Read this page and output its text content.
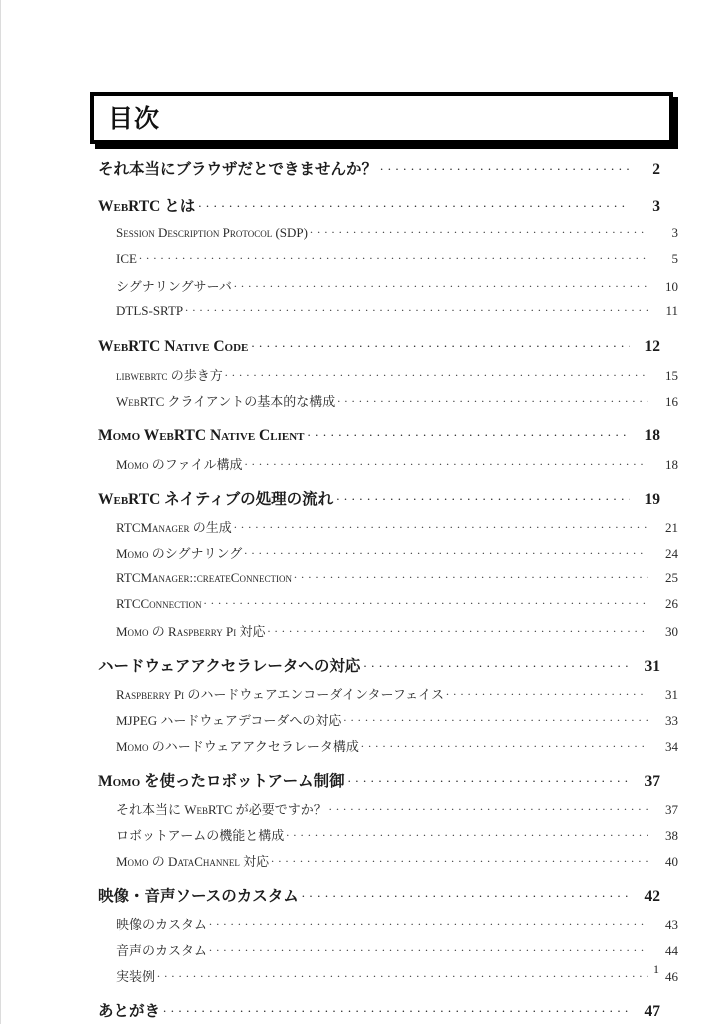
目次
それ本当にブラウザだとできませんか？ . . .	2
WebRTC とは . . .	3
Session Description Protocol (SDP) . . .	3
ICE . . .	5
シグナリングサーバ . . .	10
DTLS-SRTP . . .	11
WebRTC Native Code . . .	12
libwebrtc の歩き方 . . .	15
WebRTC クライアントの基本的な構成 . . .	16
Momo WebRTC Native Client . . .	18
Momo のファイル構成 . . .	18
WebRTC ネイティブの処理の流れ . . .	19
RTCManager の生成 . . .	21
Momo のシグナリング . . .	24
RTCManager::createConnection . . .	25
RTCConnection . . .	26
Momo の Raspberry Pi 対応 . . .	30
ハードウェアアクセラレータへの対応 . . .	31
Raspberry Pi のハードウェアエンコーダインターフェイス . . .	31
MJPEG ハードウェアデコーダへの対応 . . .	33
Momo のハードウェアアクセラレータ構成 . . .	34
Momo を使ったロボットアーム制御 . . .	37
それ本当に WebRTC が必要ですか？ . . .	37
ロボットアームの機能と構成 . . .	38
Momo の DataChannel 対応 . . .	40
映像・音声ソースのカスタム . . .	42
映像のカスタム . . .	43
音声のカスタム . . .	44
実装例 . . .	46
あとがき . . .	47
1
